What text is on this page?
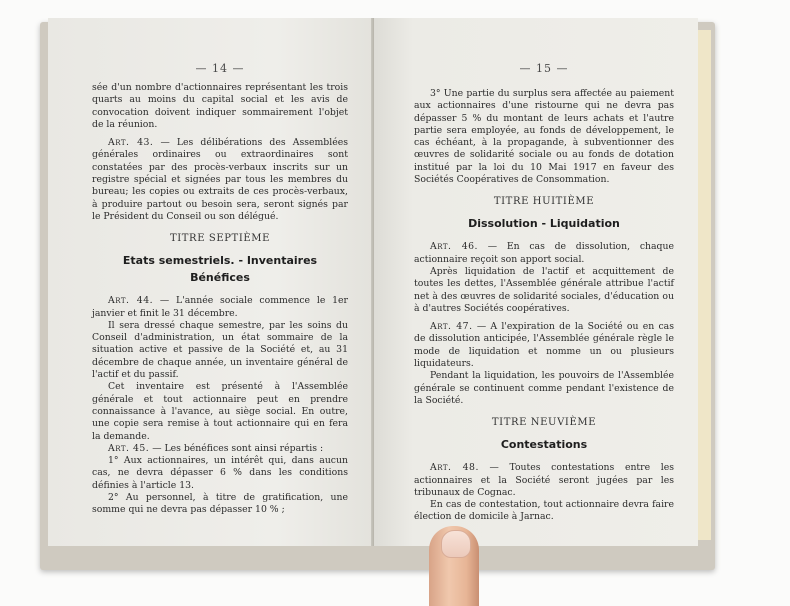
— 14 —

sée d'un nombre d'actionnaires représentant les trois quarts au moins du capital social et les avis de convocation doivent indiquer sommairement l'objet de la réunion.

Art. 43. — Les délibérations des Assemblées générales ordinaires ou extraordinaires sont constatées par des procès-verbaux inscrits sur un registre spécial et signées par tous les membres du bureau; les copies ou extraits de ces procès-verbaux, à produire partout ou besoin sera, seront signés par le Président du Conseil ou son délégué.

TITRE SEPTIÈME
Etats semestriels. - Inventaires
Bénéfices

Art. 44. — L'année sociale commence le 1er janvier et finit le 31 décembre.

Il sera dressé chaque semestre, par les soins du Conseil d'administration, un état sommaire de la situation active et passive de la Société et, au 31 décembre de chaque année, un inventaire général de l'actif et du passif.

Cet inventaire est présenté à l'Assemblée générale et tout actionnaire peut en prendre connaissance à l'avance, au siège social. En outre, une copie sera remise à tout actionnaire qui en fera la demande.

Art. 45. — Les bénéfices sont ainsi répartis :

1° Aux actionnaires, un intérêt qui, dans aucun cas, ne devra dépasser 6 % dans les conditions définies à l'article 13.

2° Au personnel, à titre de gratification, une somme qui ne devra pas dépasser 10 % ;

— 15 —

3° Une partie du surplus sera affectée au paiement aux actionnaires d'une ristourne qui ne devra pas dépasser 5 % du montant de leurs achats et l'autre partie sera employée, au fonds de développement, le cas échéant, à la propagande, à subventionner des œuvres de solidarité sociale ou au fonds de dotation institué par la loi du 10 Mai 1917 en faveur des Sociétés Coopératives de Consommation.

TITRE HUITIÈME
Dissolution - Liquidation

Art. 46. — En cas de dissolution, chaque actionnaire reçoit son apport social.

Après liquidation de l'actif et acquittement de toutes les dettes, l'Assemblée générale attribue l'actif net à des œuvres de solidarité sociales, d'éducation ou à d'autres Sociétés coopératives.

Art. 47. — A l'expiration de la Société ou en cas de dissolution anticipée, l'Assemblée générale règle le mode de liquidation et nomme un ou plusieurs liquidateurs.

Pendant la liquidation, les pouvoirs de l'Assemblée générale se continuent comme pendant l'existence de la Société.

TITRE NEUVIÈME
Contestations

Art. 48. — Toutes contestations entre les actionnaires et la Société seront jugées par les tribunaux de Cognac.

En cas de contestation, tout actionnaire devra faire élection de domicile à Jarnac.
